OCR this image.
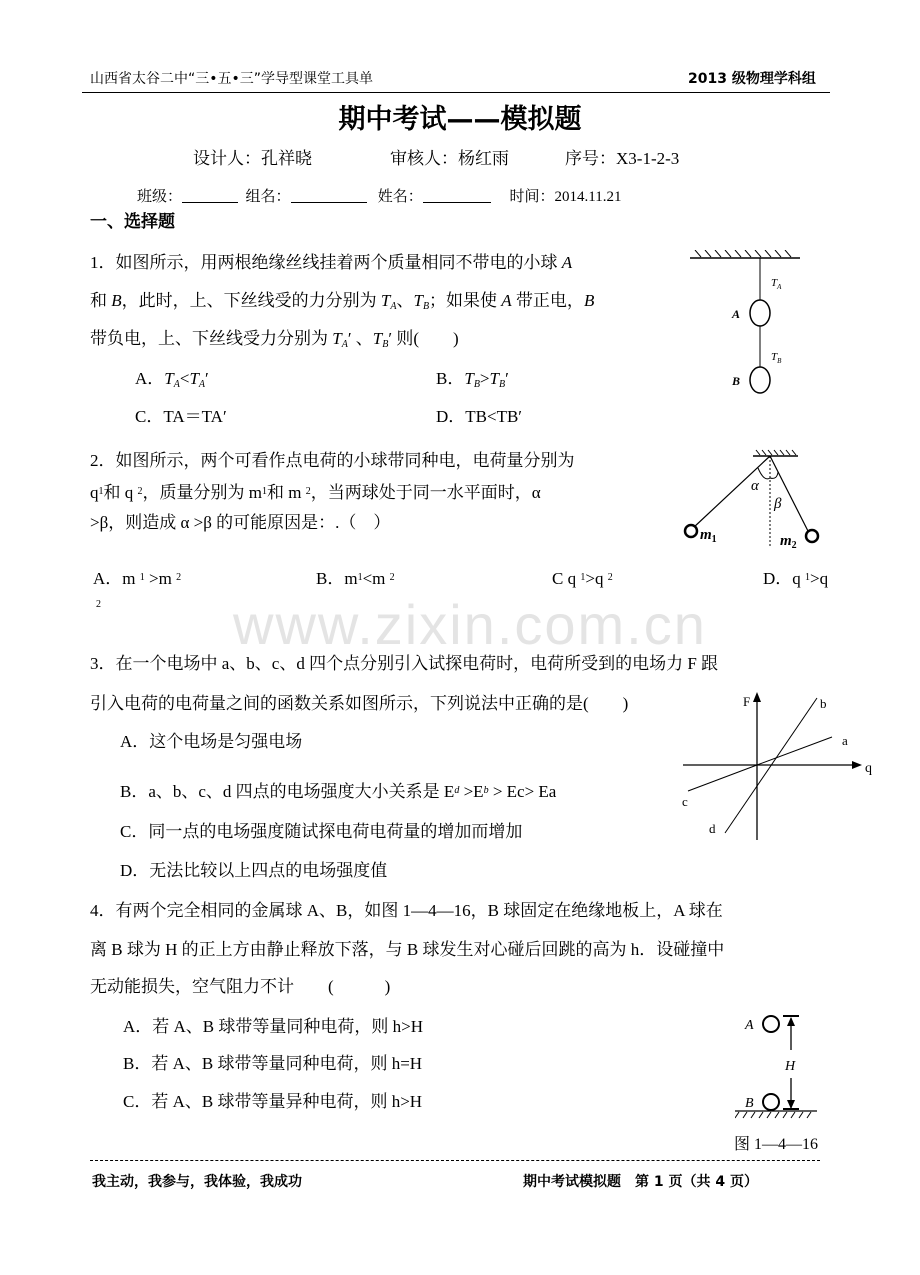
山西省太谷二中“三•五•三”学导型课堂工具单	2013 级物理学科组
期中考试——模拟题
设计人：孔祥晓	审核人：杨红雨	序号：X3-1-2-3
班级：	组名：	姓名：	时间：2014.11.21
一、选择题
1．如图所示，用两根绝缘丝线挂着两个质量相同不带电的小球 A
和 B，此时，上、下丝线受的力分别为 $T_A$、$T_B$；如果使 A 带正电，B
带负电，上、下丝线受力分别为 $T_A'$ 、$T_B'$ 则(　　)
A．$T_A<T_A'$	B．$T_B>T_B'$
C．TA＝TA′	D．TB<TB′
$T_A$
$T_B$
A
B
2．如图所示，两个可看作点电荷的小球带同种电，电荷量分别为
$q^1$和 q $^2$，质量分别为 $m^1$和 m $^2$，当两球处于同一水平面时，α
>β，则造成 α >β 的可能原因是：.（　）
A．m $^1$ >m $^2$	B．$m^1<m$ $^2$	C q $^1$>q $^2$	D．q $^1$>q
2
α
β
$m_1$	$m_2$
www.zixin.com.cn
3．在一个电场中 a、b、c、d 四个点分别引入试探电荷时，电荷所受到的电场力 F 跟
引入电荷的电荷量之间的函数关系如图所示，下列说法中正确的是(　　)
A．这个电场是匀强电场
B．a、b、c、d 四点的电场强度大小关系是 $E^d >E^b > Ec> Ea$
C．同一点的电场强度随试探电荷电荷量的增加而增加
D．无法比较以上四点的电场强度值
F
q
b
a
c
d
4．有两个完全相同的金属球 A、B，如图 1—4—16，B 球固定在绝缘地板上，A 球在
离 B 球为 H 的正上方由静止释放下落，与 B 球发生对心碰后回跳的高为 h．设碰撞中
无动能损失，空气阻力不计　　(　　　)
A．若 A、B 球带等量同种电荷，则 h>H
B．若 A、B 球带等量同种电荷，则 h=H
C．若 A、B 球带等量异种电荷，则 h>H
A
H
B
图 1—4—16
我主动，我参与，我体验，我成功	期中考试模拟题　第 1 页（共 4 页）
